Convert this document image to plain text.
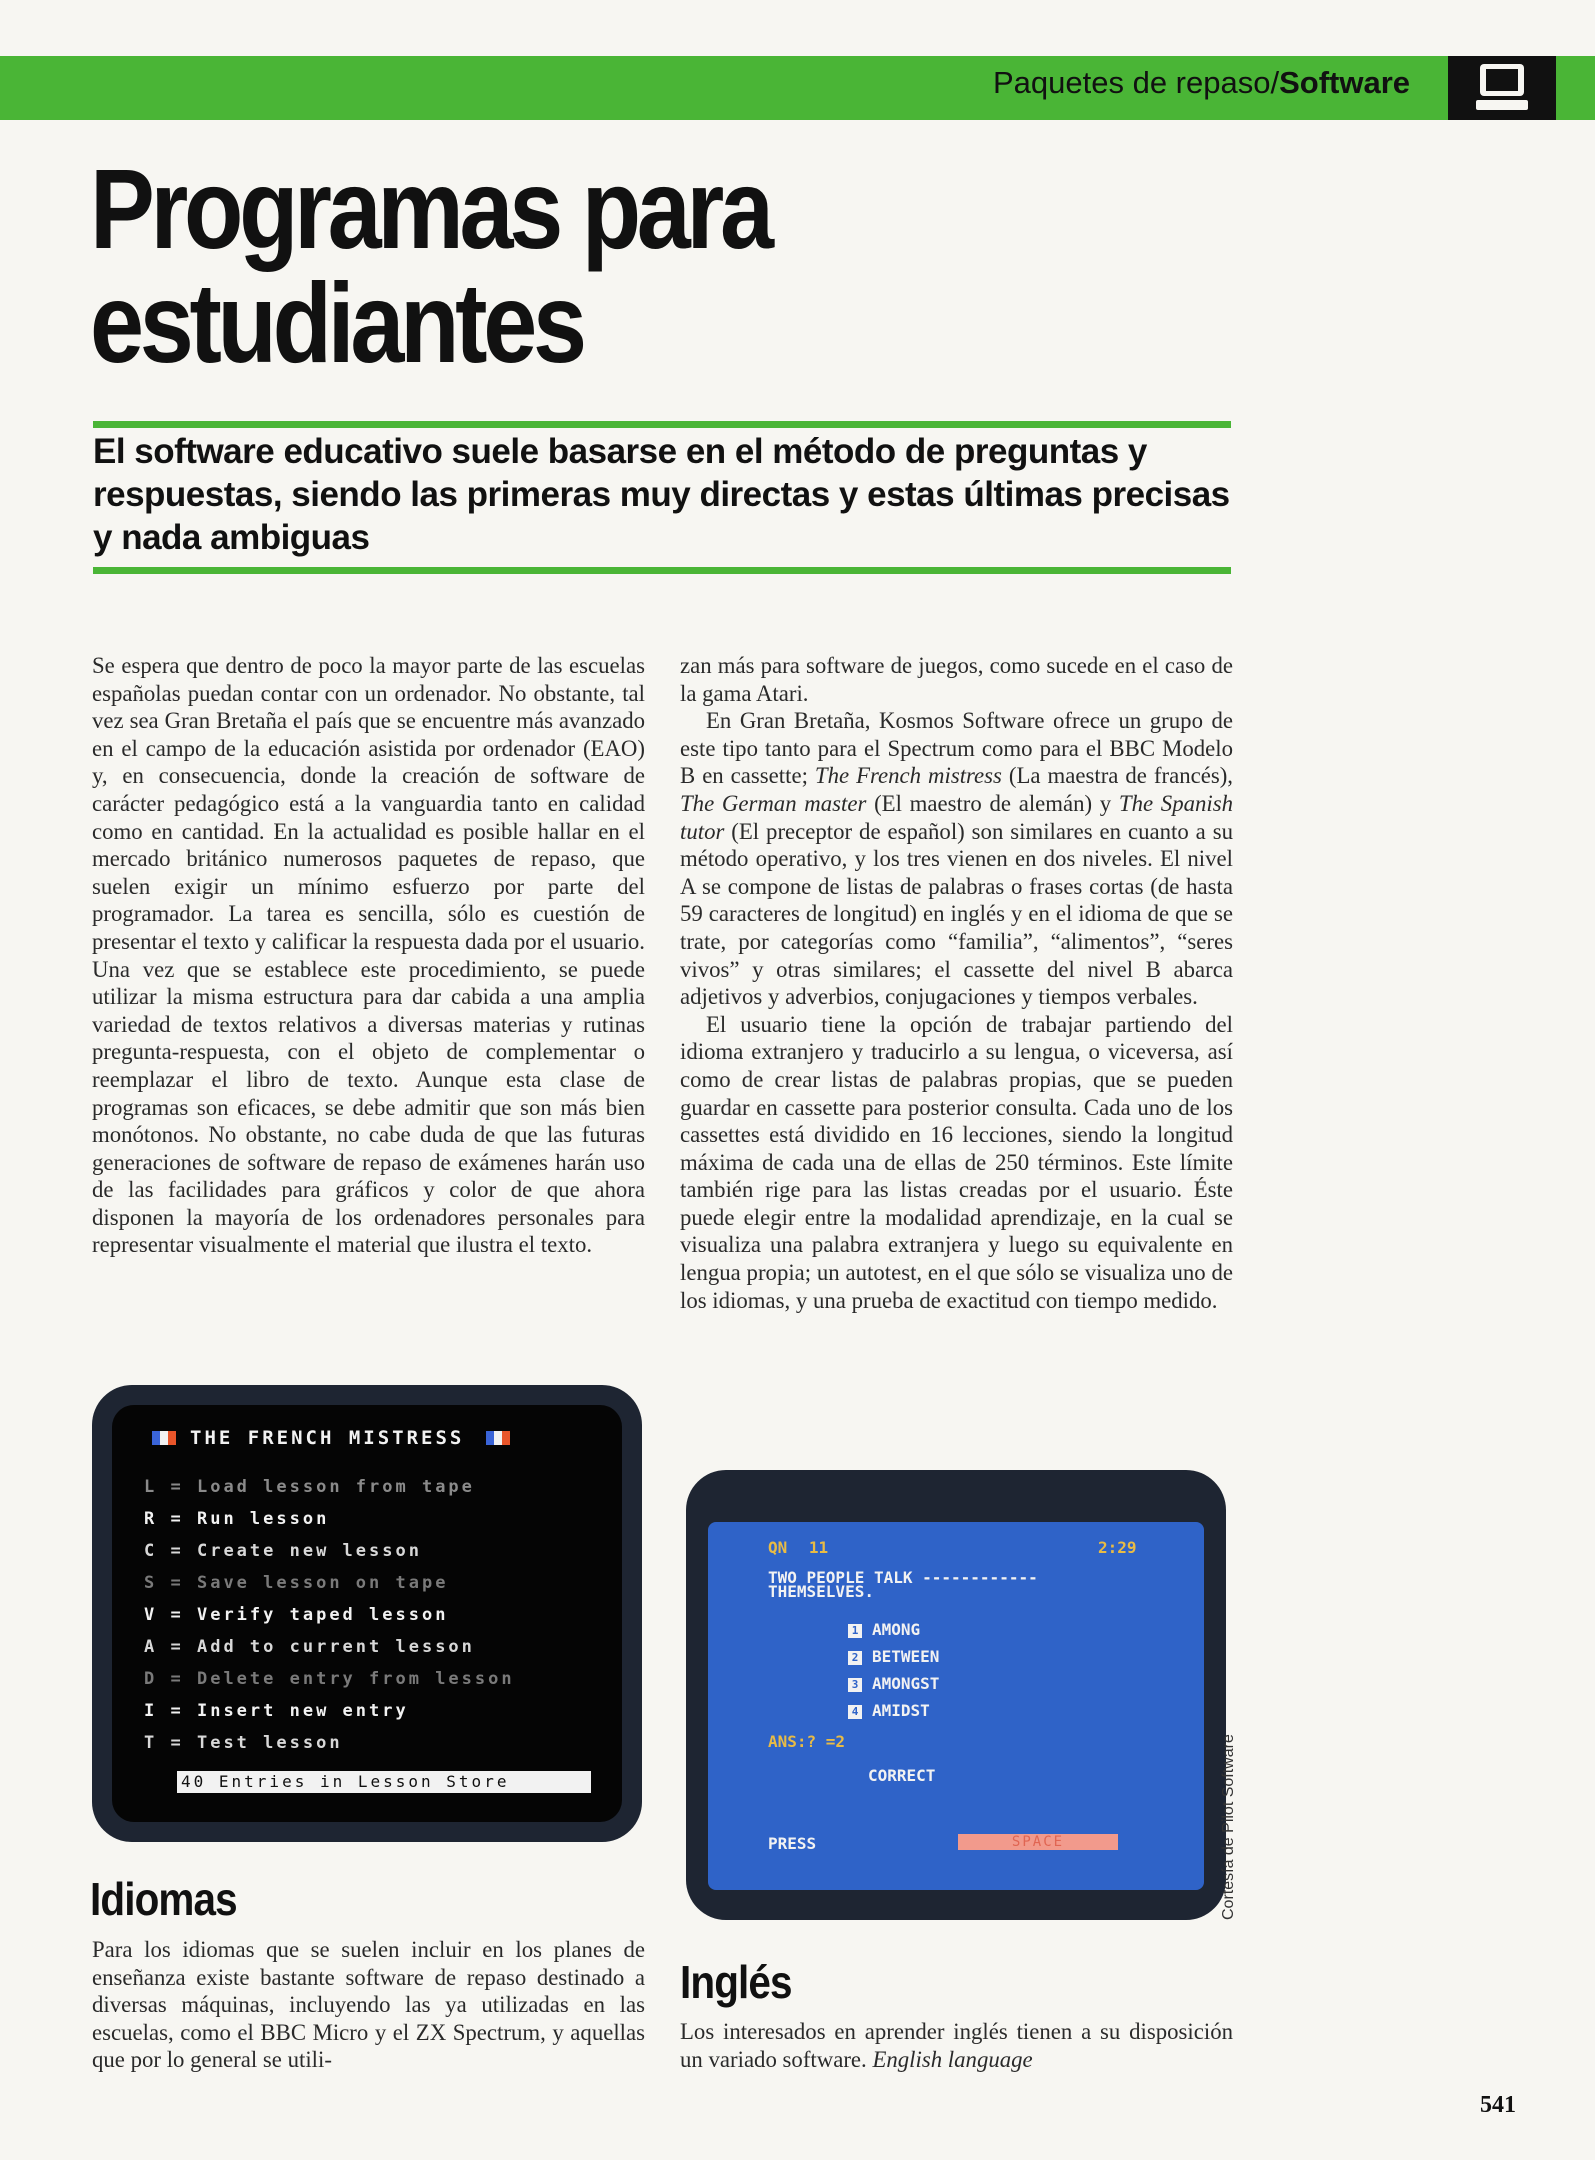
Paquetes de repaso/Software
Programas para
estudiantes

El software educativo suele basarse en el método de preguntas y respuestas, siendo las primeras muy directas y estas últimas precisas y nada ambiguas

Se espera que dentro de poco la mayor parte de las escuelas españolas puedan contar con un ordenador. No obstante, tal vez sea Gran Bretaña el país que se encuentre más avanzado en el campo de la educación asistida por ordenador (EAO) y, en consecuencia, donde la creación de software de carácter pedagógico está a la vanguardia tanto en calidad como en cantidad. En la actualidad es posible hallar en el mercado británico numerosos paquetes de repaso, que suelen exigir un mínimo esfuerzo por parte del programador. La tarea es sencilla, sólo es cuestión de presentar el texto y calificar la respuesta dada por el usuario. Una vez que se establece este procedimiento, se puede utilizar la misma estructura para dar cabida a una amplia variedad de textos relativos a diversas materias y rutinas pregunta-respuesta, con el objeto de complementar o reemplazar el libro de texto. Aunque esta clase de programas son eficaces, se debe admitir que son más bien monótonos. No obstante, no cabe duda de que las futuras generaciones de software de repaso de exámenes harán uso de las facilidades para gráficos y color de que ahora disponen la mayoría de los ordenadores personales para representar visualmente el material que ilustra el texto.

zan más para software de juegos, como sucede en el caso de la gama Atari.

En Gran Bretaña, Kosmos Software ofrece un grupo de este tipo tanto para el Spectrum como para el BBC Modelo B en cassette; The French mistress (La maestra de francés), The German master (El maestro de alemán) y The Spanish tutor (El preceptor de español) son similares en cuanto a su método operativo, y los tres vienen en dos niveles. El nivel A se compone de listas de palabras o frases cortas (de hasta 59 caracteres de longitud) en inglés y en el idioma de que se trate, por categorías como “familia”, “alimentos”, “seres vivos” y otras similares; el cassette del nivel B abarca adjetivos y adverbios, conjugaciones y tiempos verbales.

El usuario tiene la opción de trabajar partiendo del idioma extranjero y traducirlo a su lengua, o viceversa, así como de crear listas de palabras propias, que se pueden guardar en cassette para posterior consulta. Cada uno de los cassettes está dividido en 16 lecciones, siendo la longitud máxima de cada una de ellas de 250 términos. Este límite también rige para las listas creadas por el usuario. Éste puede elegir entre la modalidad aprendizaje, en la cual se visualiza una palabra extranjera y luego su equivalente en lengua propia; un autotest, en el que sólo se visualiza uno de los idiomas, y una prueba de exactitud con tiempo medido.

THE FRENCH MISTRESS
L = Load lesson from tape
R = Run lesson
C = Create new lesson
S = Save lesson on tape
V = Verify taped lesson
A = Add to current lesson
D = Delete entry from lesson
I = Insert new entry
T = Test lesson
40 Entries in Lesson Store
QN 11	2:29
TWO PEOPLE TALK ------------
THEMSELVES.
1 AMONG
2 BETWEEN
3 AMONGST
4 AMIDST
ANS:? =2
CORRECT
PRESS	SPACE
Idiomas

Para los idiomas que se suelen incluir en los planes de enseñanza existe bastante software de repaso destinado a diversas máquinas, incluyendo las ya utilizadas en las escuelas, como el BBC Micro y el ZX Spectrum, y aquellas que por lo general se utili-

Inglés

Los interesados en aprender inglés tienen a su disposición un variado software. English language

Cortesía de Pilot Software
541
